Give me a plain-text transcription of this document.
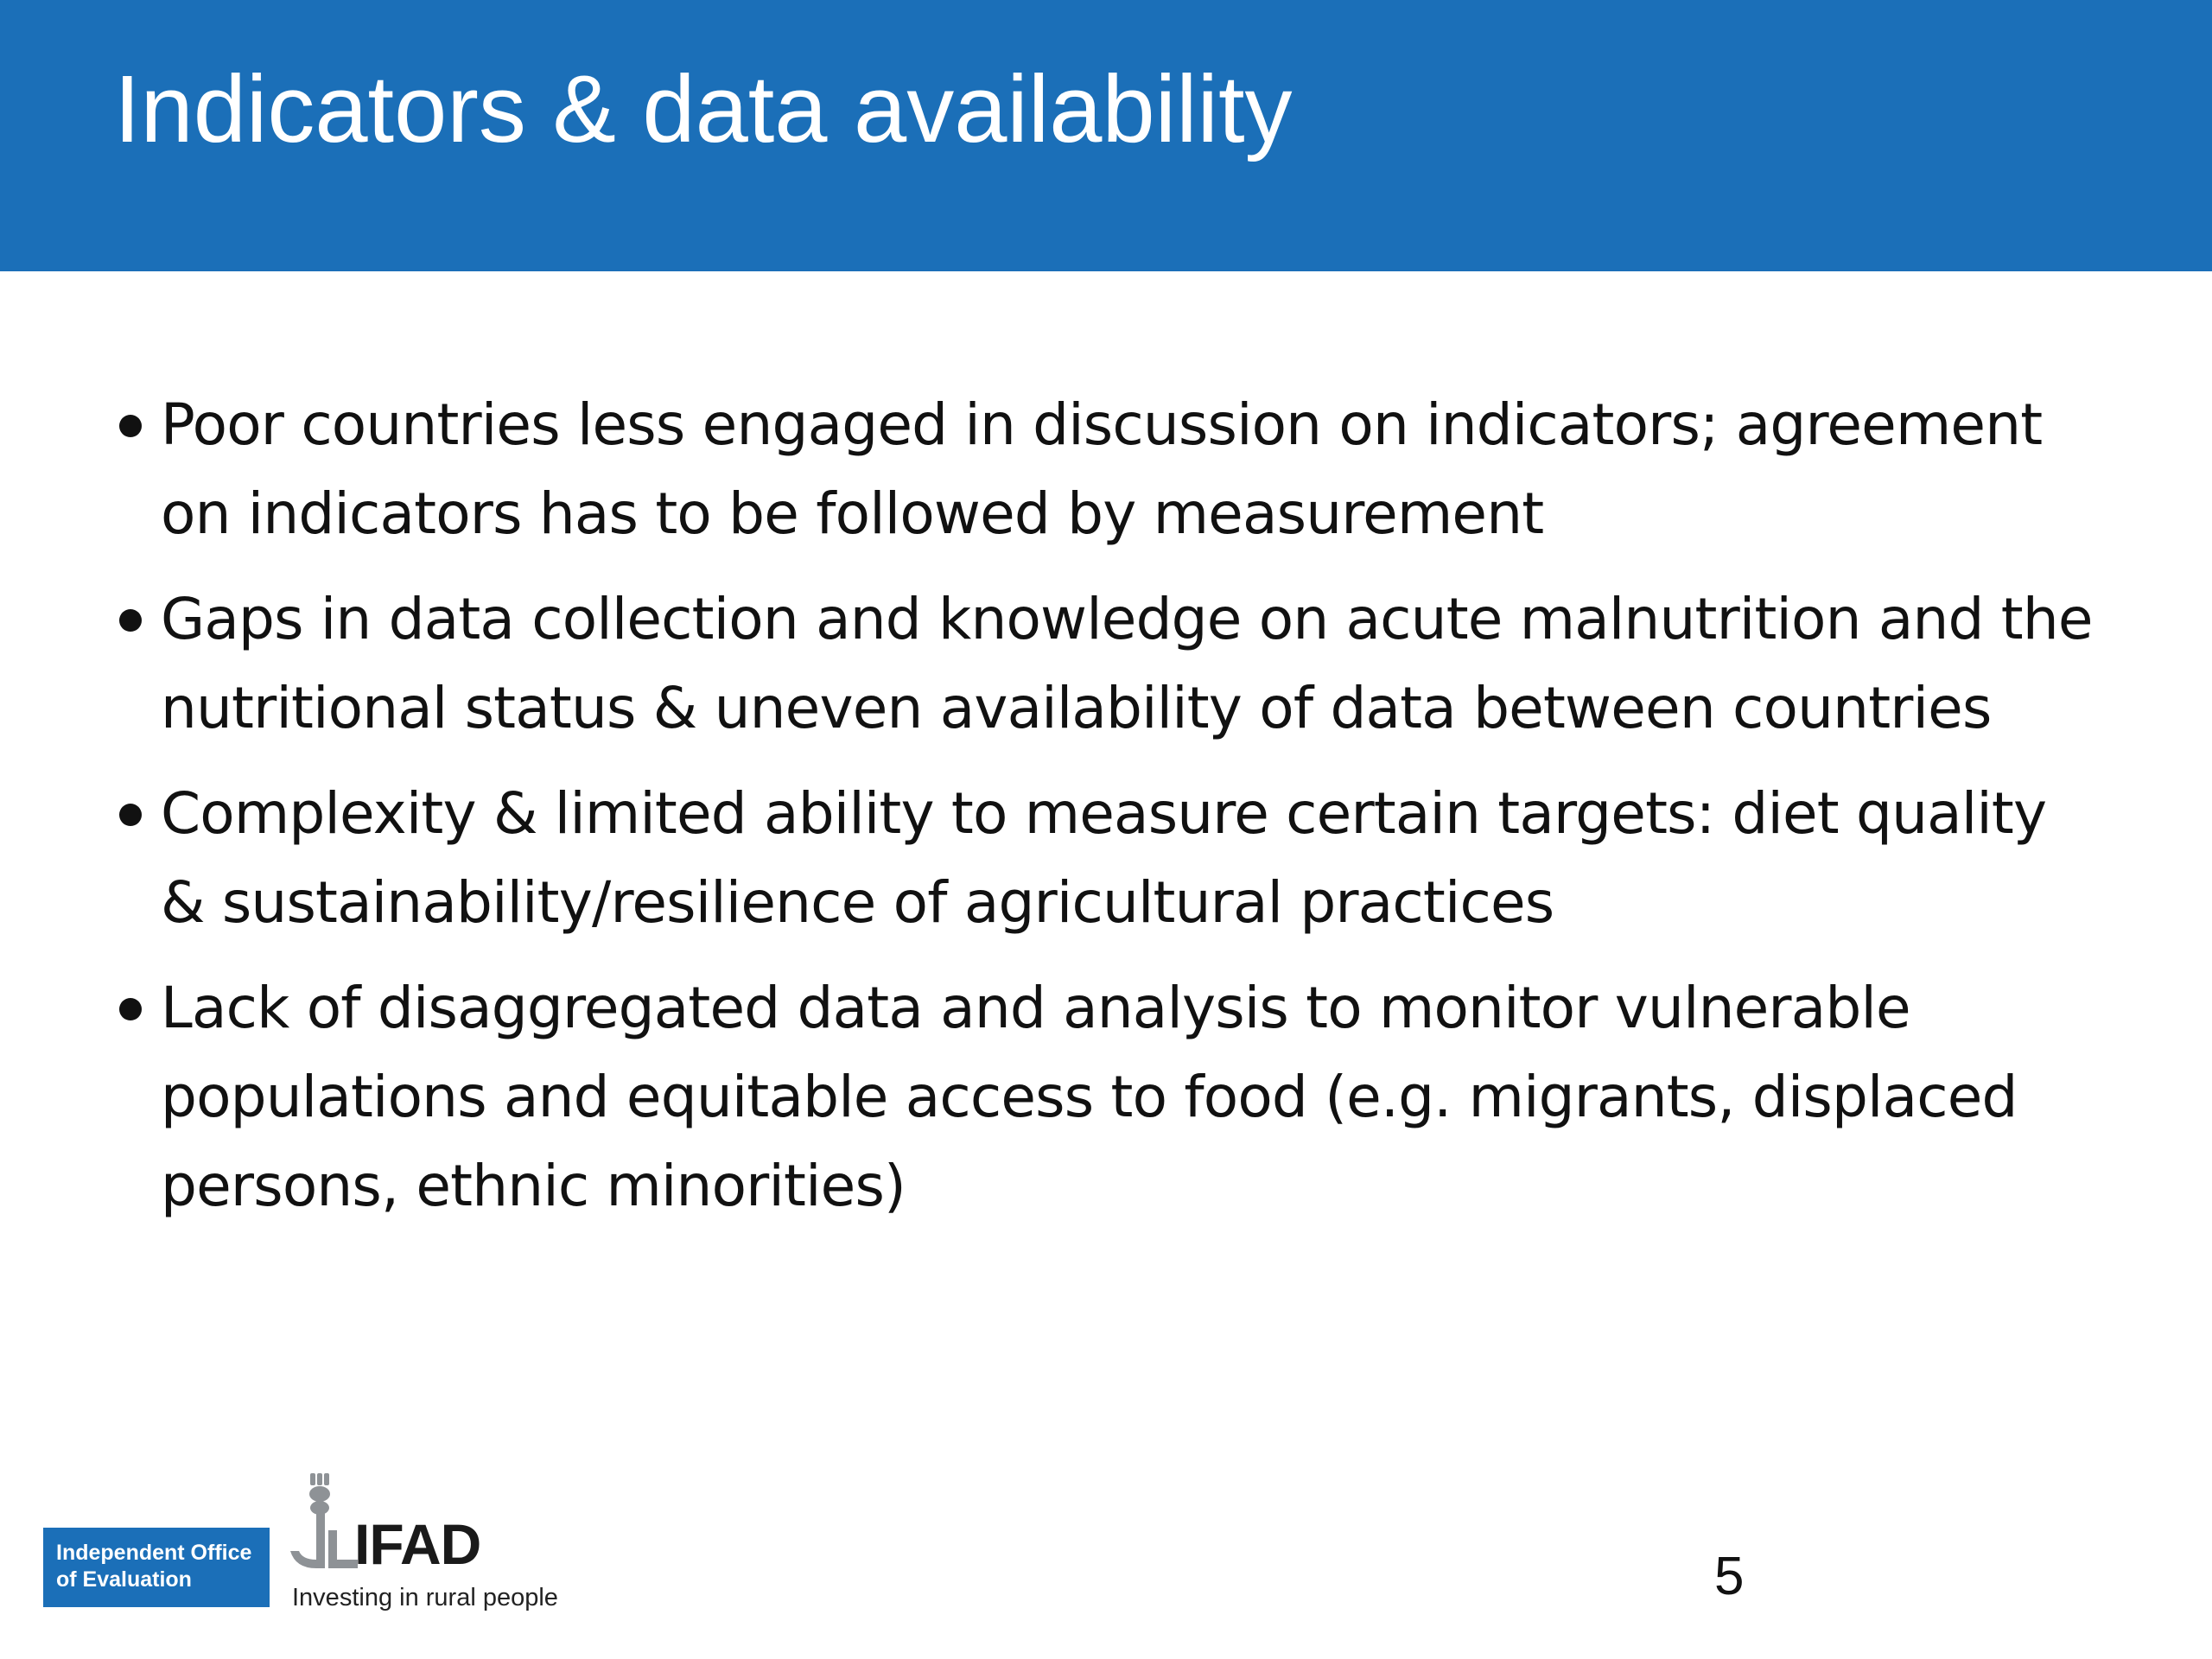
Indicators & data availability
Poor countries less engaged in discussion on indicators; agreement on indicators has to be followed by measurement
Gaps in data collection and knowledge on acute malnutrition and the nutritional status & uneven availability of data between countries
Complexity & limited ability to measure certain targets: diet quality & sustainability/resilience of agricultural practices
Lack of disaggregated data and analysis to monitor vulnerable populations and equitable access to food (e.g. migrants, displaced persons, ethnic minorities)
Independent Office
of Evaluation
IFAD
Investing in rural people	5
